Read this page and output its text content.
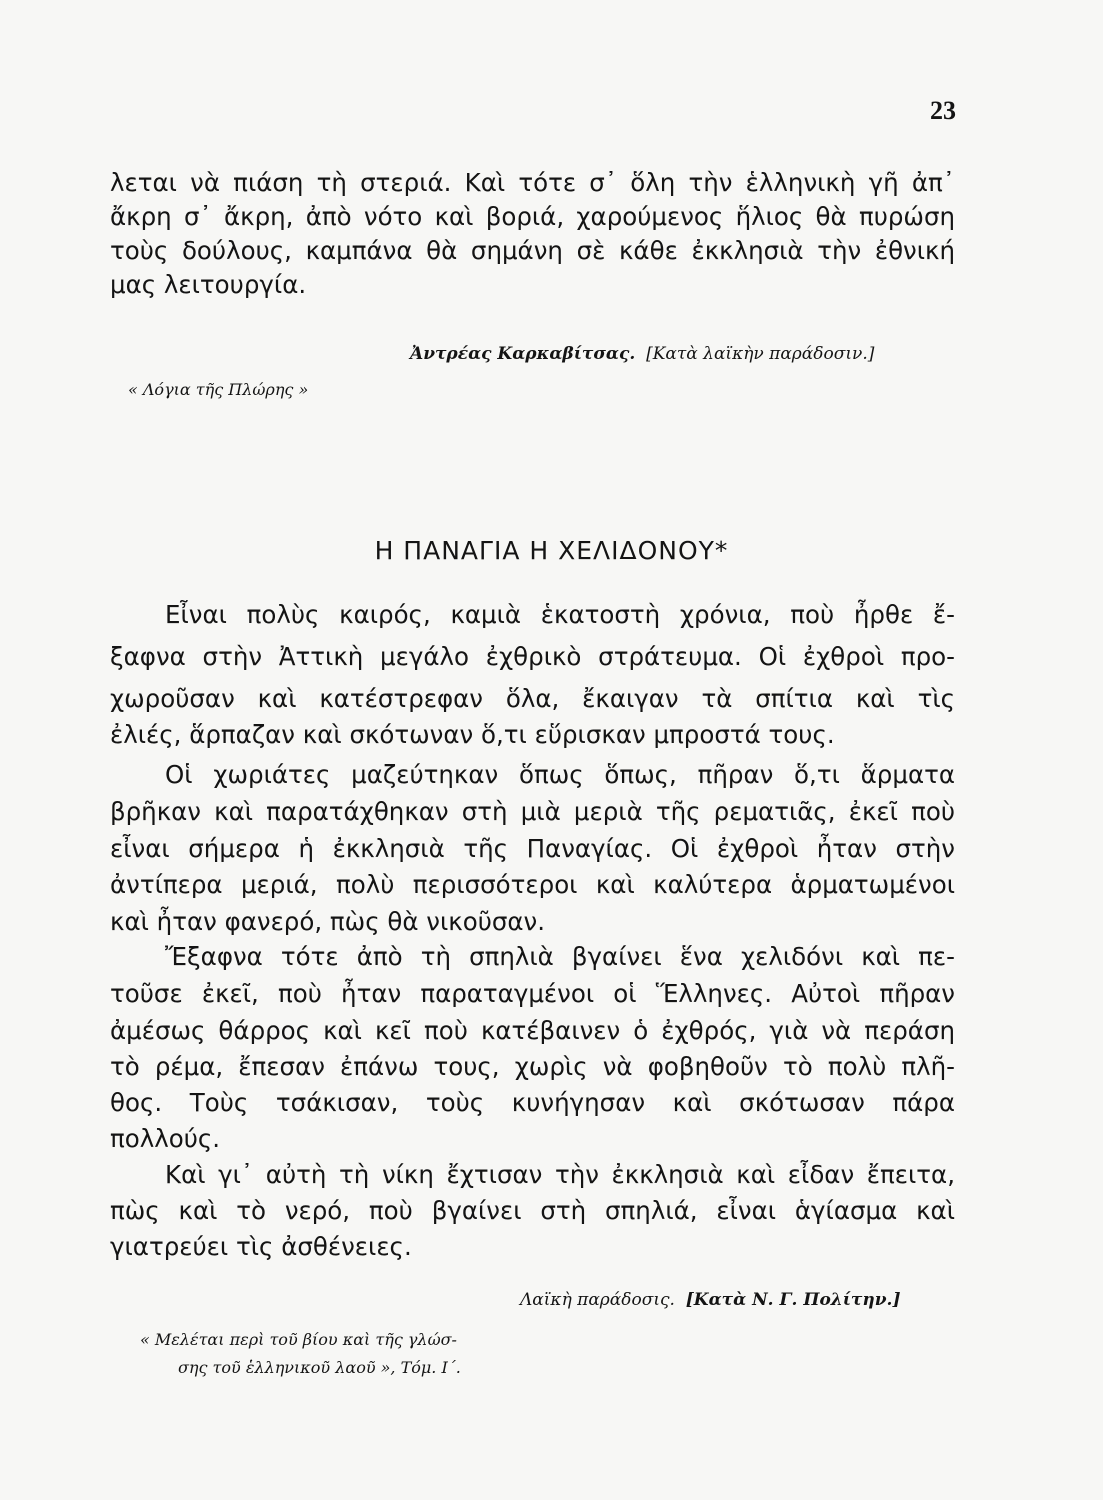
23
λεται νὰ πιάση τὴ στεριά. Καὶ τότε σ᾽ ὅλη τὴν ἑλληνικὴ γῆ ἀπ᾽
ἄκρη σ᾽ ἄκρη, ἀπὸ νότο καὶ βοριά, χαρούμενος ἥλιος θὰ πυρώση
τοὺς δούλους, καμπάνα θὰ σημάνη σὲ κάθε ἐκκλησιὰ τὴν ἐθνική
μας λειτουργία.
Ἀντρέας Καρκαβίτσας. [Κατὰ λαϊκὴν παράδοσιν.]
« Λόγια τῆς Πλώρης »
Η ΠΑΝΑΓΙΑ Η ΧΕΛΙΔΟΝΟΥ*
Εἶναι πολὺς καιρός, καμιὰ ἑκατοστὴ χρόνια, ποὺ ἦρθε ἔ-
ξαφνα στὴν Ἀττικὴ μεγάλο ἐχθρικὸ στράτευμα. Οἱ ἐχθροὶ προ-
χωροῦσαν καὶ κατέστρεφαν ὅλα, ἔκαιγαν τὰ σπίτια καὶ τὶς
ἐλιές, ἅρπαζαν καὶ σκότωναν ὅ,τι εὕρισκαν μπροστά τους.
Οἱ χωριάτες μαζεύτηκαν ὅπως ὅπως, πῆραν ὅ,τι ἅρματα
βρῆκαν καὶ παρατάχθηκαν στὴ μιὰ μεριὰ τῆς ρεματιᾶς, ἐκεῖ ποὺ
εἶναι σήμερα ἡ ἐκκλησιὰ τῆς Παναγίας. Οἱ ἐχθροὶ ἦταν στὴν
ἀντίπερα μεριά, πολὺ περισσότεροι καὶ καλύτερα ἁρματωμένοι
καὶ ἦταν φανερό, πὼς θὰ νικοῦσαν.
Ἔξαφνα τότε ἀπὸ τὴ σπηλιὰ βγαίνει ἕνα χελιδόνι καὶ πε-
τοῦσε ἐκεῖ, ποὺ ἦταν παραταγμένοι οἱ Ἕλληνες. Αὐτοὶ πῆραν
ἀμέσως θάρρος καὶ κεῖ ποὺ κατέβαινεν ὁ ἐχθρός, γιὰ νὰ περάση
τὸ ρέμα, ἔπεσαν ἐπάνω τους, χωρὶς νὰ φοβηθοῦν τὸ πολὺ πλῆ-
θος. Τοὺς τσάκισαν, τοὺς κυνήγησαν καὶ σκότωσαν πάρα
πολλούς.
Καὶ γι᾽ αὐτὴ τὴ νίκη ἔχτισαν τὴν ἐκκλησιὰ καὶ εἶδαν ἔπειτα,
πὼς καὶ τὸ νερό, ποὺ βγαίνει στὴ σπηλιά, εἶναι ἁγίασμα καὶ
γιατρεύει τὶς ἀσθένειες.
Λαϊκὴ παράδοσις. [Κατὰ Ν. Γ. Πολίτην.]
« Μελέται περὶ τοῦ βίου καὶ τῆς γλώσ-
σης τοῦ ἑλληνικοῦ λαοῦ », Τόμ. Ι΄.
